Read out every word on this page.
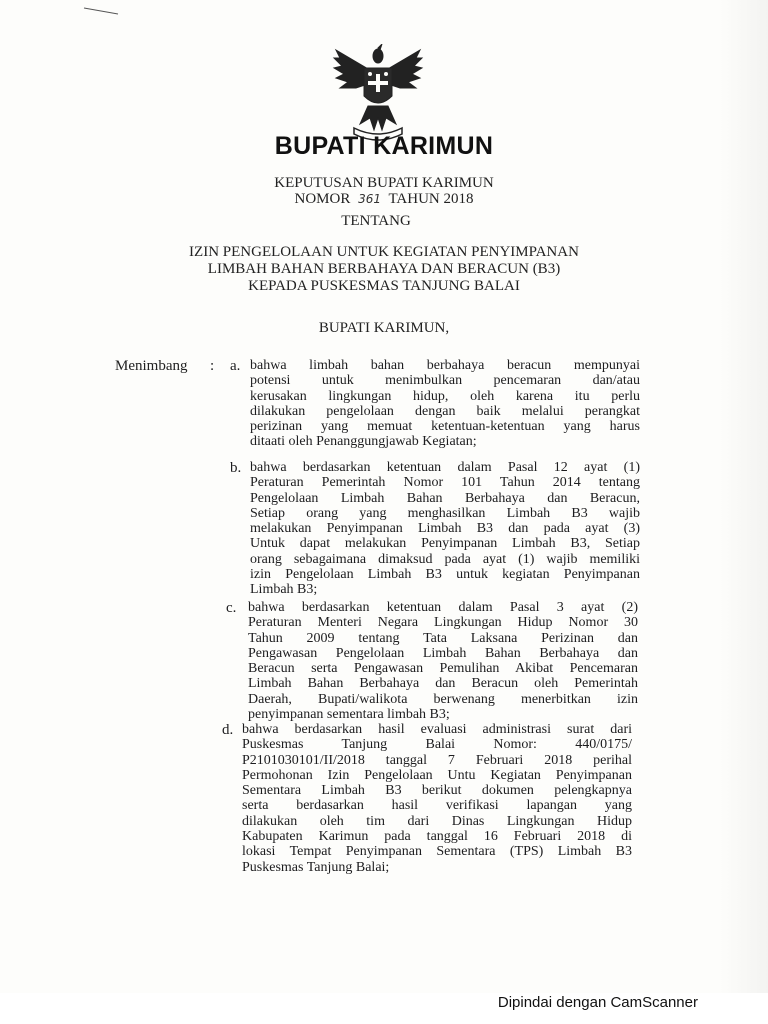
BUPATI KARIMUN
KEPUTUSAN BUPATI KARIMUN
NOMOR 361 TAHUN 2018
TENTANG
IZIN PENGELOLAAN UNTUK KEGIATAN PENYIMPANAN
LIMBAH BAHAN BERBAHAYA DAN BERACUN (B3)
KEPADA PUSKESMAS TANJUNG BALAI
BUPATI KARIMUN,
Menimbang : a. bahwa limbah bahan berbahaya beracun mempunyai
potensi untuk menimbulkan pencemaran dan/atau
kerusakan lingkungan hidup, oleh karena itu perlu
dilakukan pengelolaan dengan baik melalui perangkat
perizinan yang memuat ketentuan-ketentuan yang harus
ditaati oleh Penanggungjawab Kegiatan;
b. bahwa berdasarkan ketentuan dalam Pasal 12 ayat (1)
Peraturan Pemerintah Nomor 101 Tahun 2014 tentang
Pengelolaan Limbah Bahan Berbahaya dan Beracun,
Setiap orang yang menghasilkan Limbah B3 wajib
melakukan Penyimpanan Limbah B3 dan pada ayat (3)
Untuk dapat melakukan Penyimpanan Limbah B3, Setiap
orang sebagaimana dimaksud pada ayat (1) wajib memiliki
izin Pengelolaan Limbah B3 untuk kegiatan Penyimpanan
Limbah B3;
c. bahwa berdasarkan ketentuan dalam Pasal 3 ayat (2)
Peraturan Menteri Negara Lingkungan Hidup Nomor 30
Tahun 2009 tentang Tata Laksana Perizinan dan
Pengawasan Pengelolaan Limbah Bahan Berbahaya dan
Beracun serta Pengawasan Pemulihan Akibat Pencemaran
Limbah Bahan Berbahaya dan Beracun oleh Pemerintah
Daerah, Bupati/walikota berwenang menerbitkan izin
penyimpanan sementara limbah B3;
d. bahwa berdasarkan hasil evaluasi administrasi surat dari
Puskesmas Tanjung Balai Nomor: 440/0175/
P2101030101/II/2018 tanggal 7 Februari 2018 perihal
Permohonan Izin Pengelolaan Untu Kegiatan Penyimpanan
Sementara Limbah B3 berikut dokumen pelengkapnya
serta berdasarkan hasil verifikasi lapangan yang
dilakukan oleh tim dari Dinas Lingkungan Hidup
Kabupaten Karimun pada tanggal 16 Februari 2018 di
lokasi Tempat Penyimpanan Sementara (TPS) Limbah B3
Puskesmas Tanjung Balai;
Dipindai dengan CamScanner
